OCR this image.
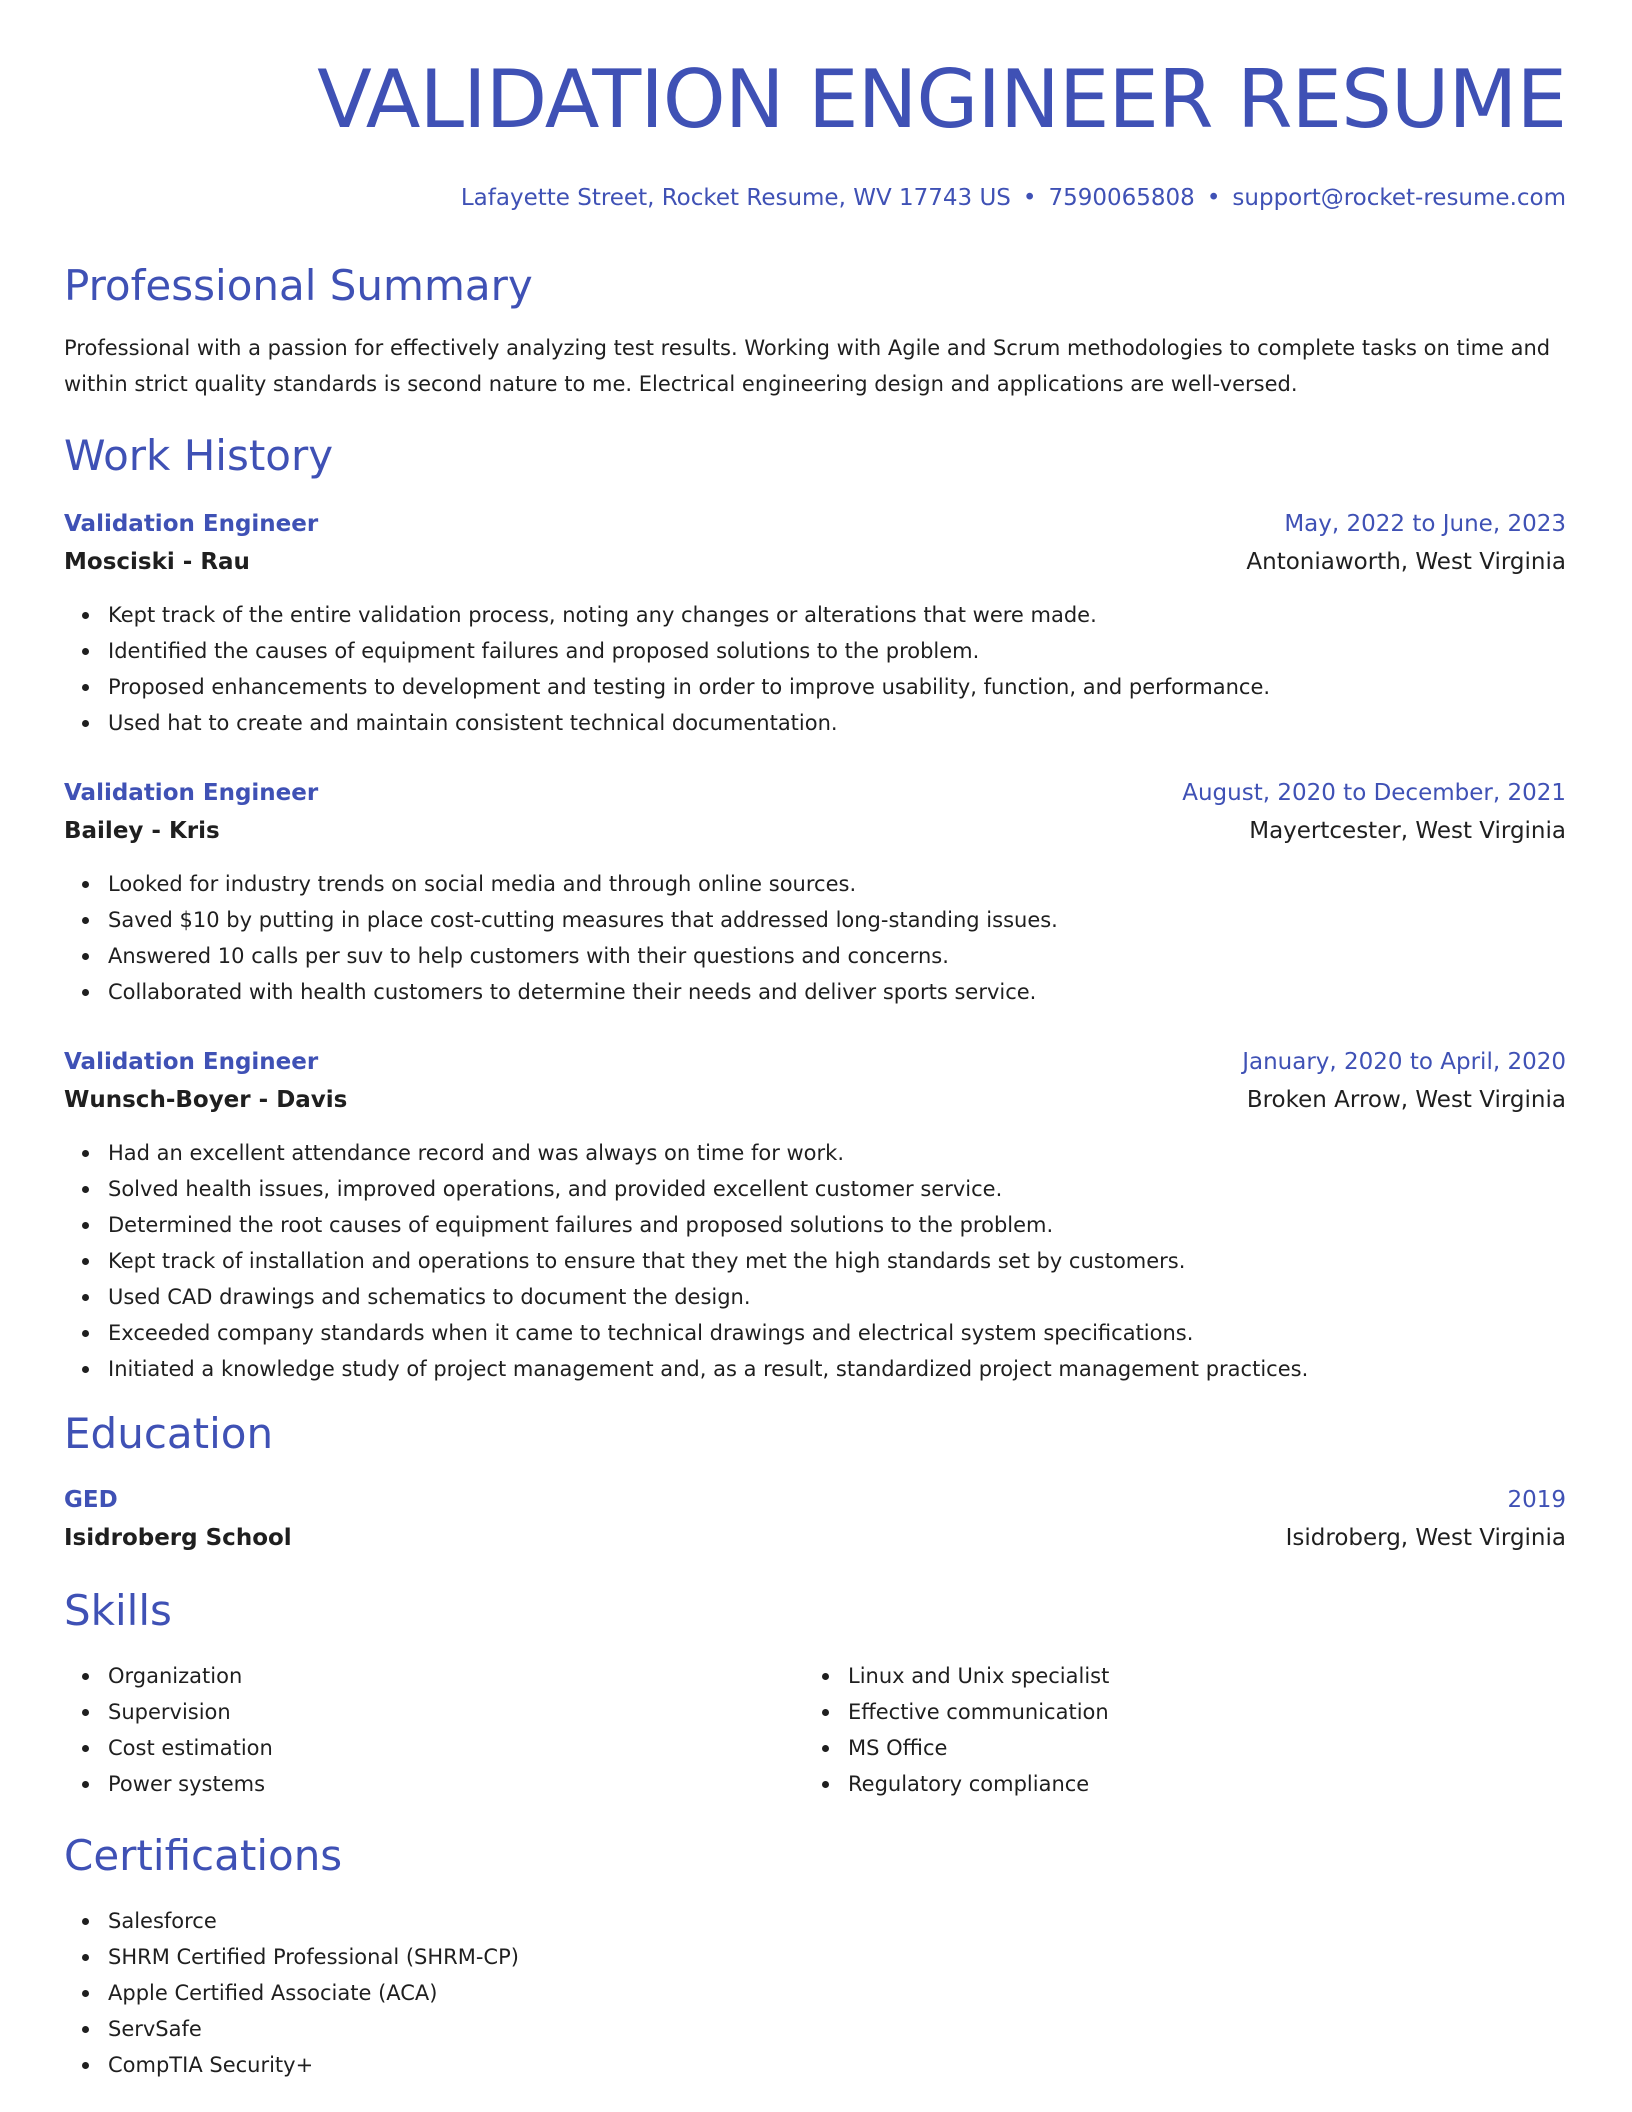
VALIDATION ENGINEER RESUME
Lafayette Street, Rocket Resume, WV 17743 US • 7590065808 • support@rocket-resume.com
Professional Summary
Professional with a passion for effectively analyzing test results. Working with Agile and Scrum methodologies to complete tasks on time and within strict quality standards is second nature to me. Electrical engineering design and applications are well-versed.
Work History
Validation Engineer	May, 2022 to June, 2023
Mosciski - Rau	Antoniaworth, West Virginia
Kept track of the entire validation process, noting any changes or alterations that were made.
Identified the causes of equipment failures and proposed solutions to the problem.
Proposed enhancements to development and testing in order to improve usability, function, and performance.
Used hat to create and maintain consistent technical documentation.
Validation Engineer	August, 2020 to December, 2021
Bailey - Kris	Mayertcester, West Virginia
Looked for industry trends on social media and through online sources.
Saved $10 by putting in place cost-cutting measures that addressed long-standing issues.
Answered 10 calls per suv to help customers with their questions and concerns.
Collaborated with health customers to determine their needs and deliver sports service.
Validation Engineer	January, 2020 to April, 2020
Wunsch-Boyer - Davis	Broken Arrow, West Virginia
Had an excellent attendance record and was always on time for work.
Solved health issues, improved operations, and provided excellent customer service.
Determined the root causes of equipment failures and proposed solutions to the problem.
Kept track of installation and operations to ensure that they met the high standards set by customers.
Used CAD drawings and schematics to document the design.
Exceeded company standards when it came to technical drawings and electrical system specifications.
Initiated a knowledge study of project management and, as a result, standardized project management practices.
Education
GED	2019
Isidroberg School	Isidroberg, West Virginia
Skills
Organization
Supervision
Cost estimation
Power systems
Linux and Unix specialist
Effective communication
MS Office
Regulatory compliance
Certifications
Salesforce
SHRM Certified Professional (SHRM-CP)
Apple Certified Associate (ACA)
ServSafe
CompTIA Security+
